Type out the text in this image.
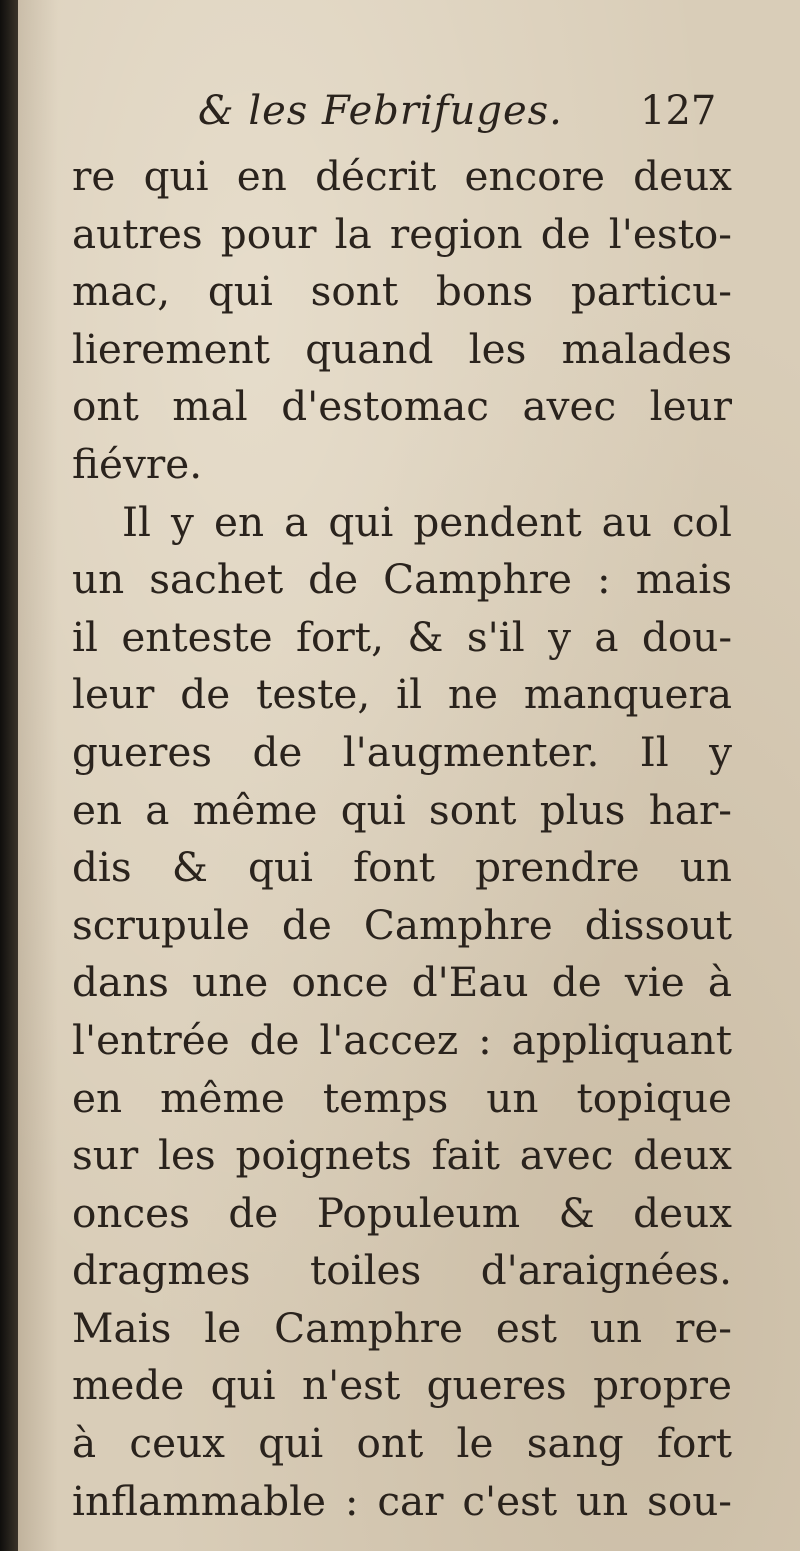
& les Febrifuges. 127
re qui en décrit encore deux
autres pour la region de l'esto-
mac, qui sont bons particu-
lierement quand les malades
ont mal d'estomac avec leur
fiévre.
Il y en a qui pendent au col
un sachet de Camphre : mais
il enteste fort, & s'il y a dou-
leur de teste, il ne manquera
gueres de l'augmenter. Il y
en a même qui sont plus har-
dis & qui font prendre un
scrupule de Camphre dissout
dans une once d'Eau de vie à
l'entrée de l'accez : appliquant
en même temps un topique
sur les poignets fait avec deux
onces de Populeum & deux
dragmes toiles d'araignées.
Mais le Camphre est un re-
mede qui n'est gueres propre
à ceux qui ont le sang fort
inflammable : car c'est un sou-
